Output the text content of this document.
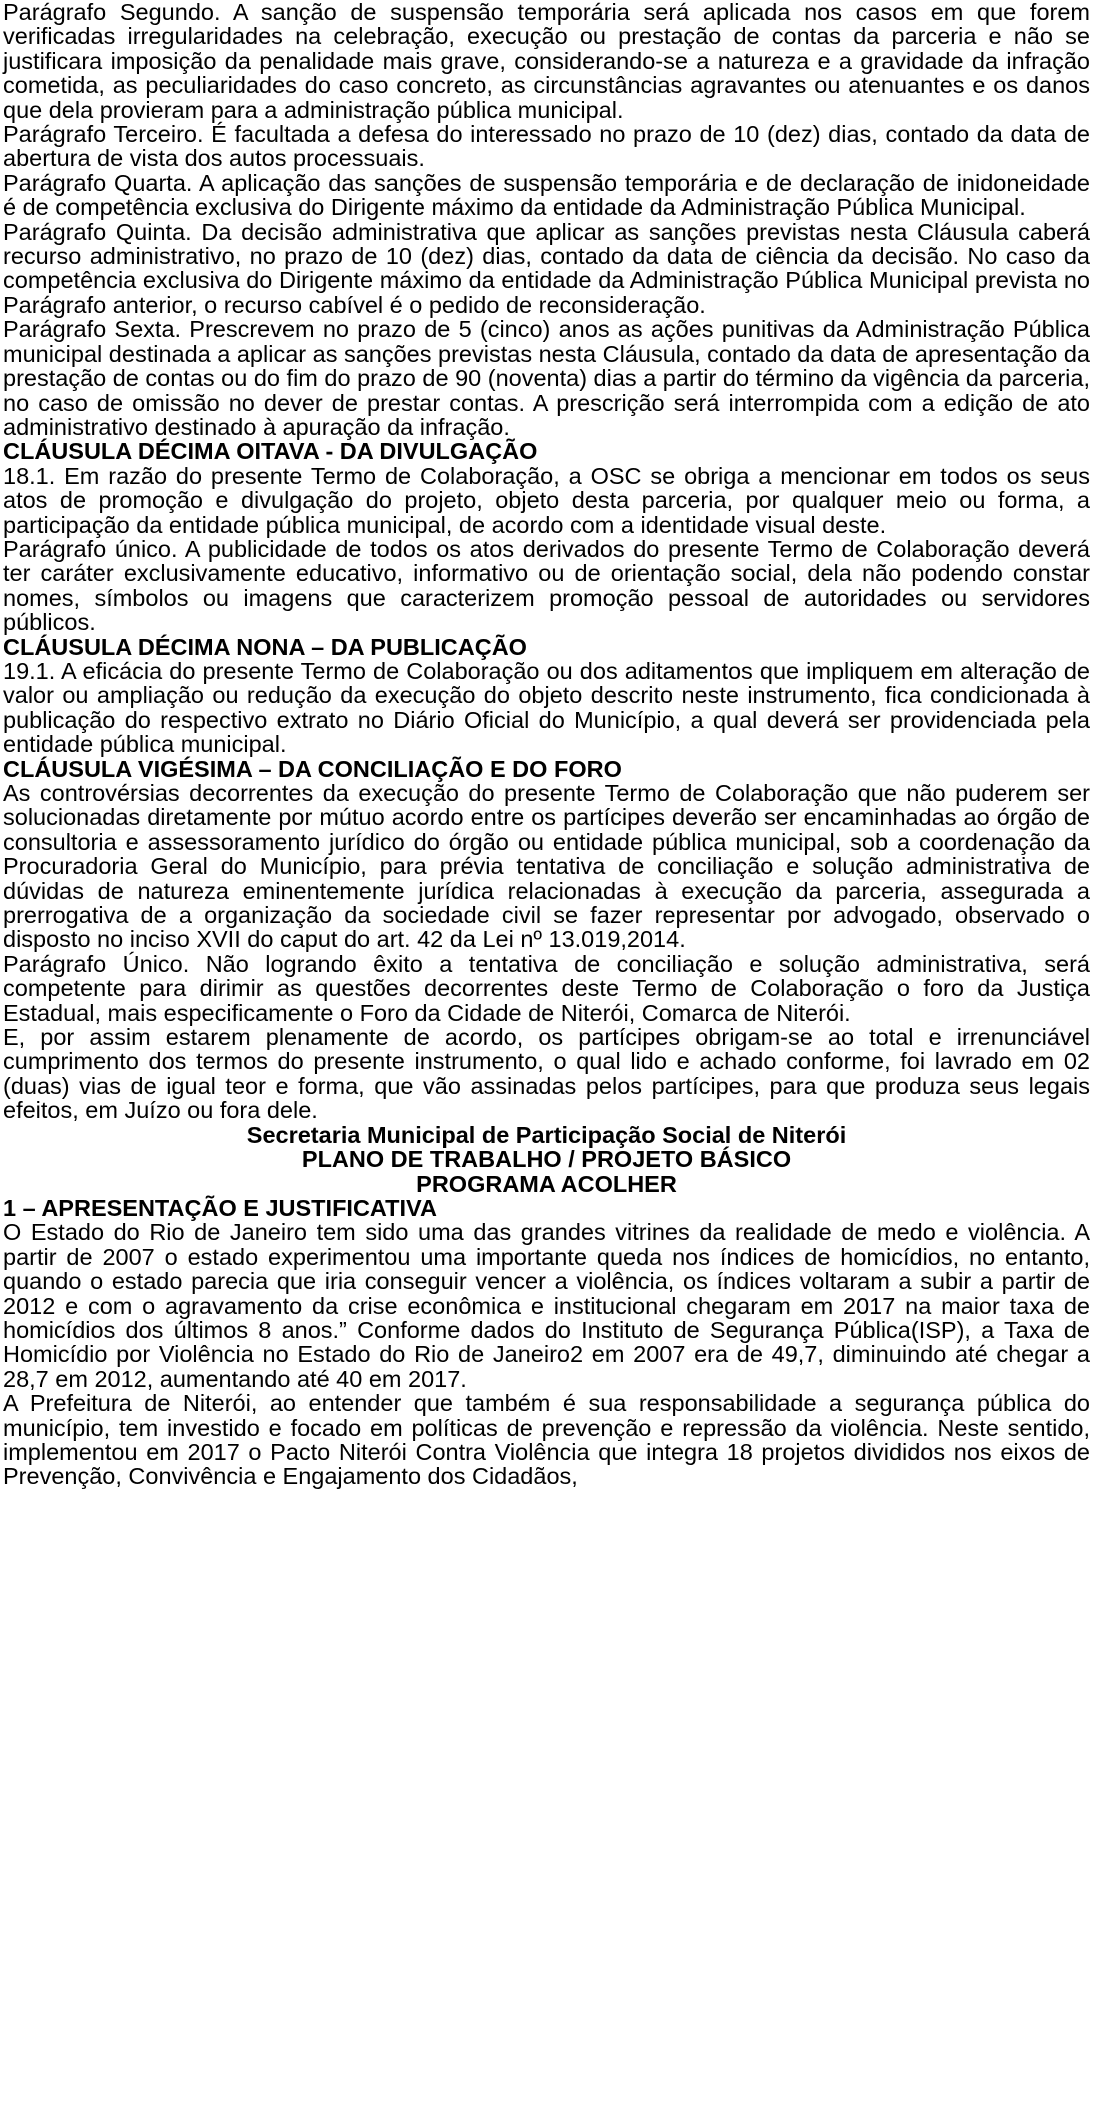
Parágrafo Segundo. A sanção de suspensão temporária será aplicada nos casos em que forem verificadas irregularidades na celebração, execução ou prestação de contas da parceria e não se justificara imposição da penalidade mais grave, considerando-se a natureza e a gravidade da infração cometida, as peculiaridades do caso concreto, as circunstâncias agravantes ou atenuantes e os danos que dela provieram para a administração pública municipal.

Parágrafo Terceiro. É facultada a defesa do interessado no prazo de 10 (dez) dias, contado da data de abertura de vista dos autos processuais.

Parágrafo Quarta. A aplicação das sanções de suspensão temporária e de declaração de inidoneidade é de competência exclusiva do Dirigente máximo da entidade da Administração Pública Municipal.

Parágrafo Quinta. Da decisão administrativa que aplicar as sanções previstas nesta Cláusula caberá recurso administrativo, no prazo de 10 (dez) dias, contado da data de ciência da decisão. No caso da competência exclusiva do Dirigente máximo da entidade da Administração Pública Municipal prevista no Parágrafo anterior, o recurso cabível é o pedido de reconsideração.

Parágrafo Sexta. Prescrevem no prazo de 5 (cinco) anos as ações punitivas da Administração Pública municipal destinada a aplicar as sanções previstas nesta Cláusula, contado da data de apresentação da prestação de contas ou do fim do prazo de 90 (noventa) dias a partir do término da vigência da parceria, no caso de omissão no dever de prestar contas. A prescrição será interrompida com a edição de ato administrativo destinado à apuração da infração.

CLÁUSULA DÉCIMA OITAVA - DA DIVULGAÇÃO

18.1. Em razão do presente Termo de Colaboração, a OSC se obriga a mencionar em todos os seus atos de promoção e divulgação do projeto, objeto desta parceria, por qualquer meio ou forma, a participação da entidade pública municipal, de acordo com a identidade visual deste.

Parágrafo único. A publicidade de todos os atos derivados do presente Termo de Colaboração deverá ter caráter exclusivamente educativo, informativo ou de orientação social, dela não podendo constar nomes, símbolos ou imagens que caracterizem promoção pessoal de autoridades ou servidores públicos.

CLÁUSULA DÉCIMA NONA – DA PUBLICAÇÃO

19.1. A eficácia do presente Termo de Colaboração ou dos aditamentos que impliquem em alteração de valor ou ampliação ou redução da execução do objeto descrito neste instrumento, fica condicionada à publicação do respectivo extrato no Diário Oficial do Município, a qual deverá ser providenciada pela entidade pública municipal.

CLÁUSULA VIGÉSIMA – DA CONCILIAÇÃO E DO FORO

As controvérsias decorrentes da execução do presente Termo de Colaboração que não puderem ser solucionadas diretamente por mútuo acordo entre os partícipes deverão ser encaminhadas ao órgão de consultoria e assessoramento jurídico do órgão ou entidade pública municipal, sob a coordenação da Procuradoria Geral do Município, para prévia tentativa de conciliação e solução administrativa de dúvidas de natureza eminentemente jurídica relacionadas à execução da parceria, assegurada a prerrogativa de a organização da sociedade civil se fazer representar por advogado, observado o disposto no inciso XVII do caput do art. 42 da Lei nº 13.019,2014.

Parágrafo Único. Não logrando êxito a tentativa de conciliação e solução administrativa, será competente para dirimir as questões decorrentes deste Termo de Colaboração o foro da Justiça Estadual, mais especificamente o Foro da Cidade de Niterói, Comarca de Niterói.

E, por assim estarem plenamente de acordo, os partícipes obrigam-se ao total e irrenunciável cumprimento dos termos do presente instrumento, o qual lido e achado conforme, foi lavrado em 02 (duas) vias de igual teor e forma, que vão assinadas pelos partícipes, para que produza seus legais efeitos, em Juízo ou fora dele.

Secretaria Municipal de Participação Social de Niterói
PLANO DE TRABALHO / PROJETO BÁSICO
PROGRAMA ACOLHER
1 – APRESENTAÇÃO E JUSTIFICATIVA

O Estado do Rio de Janeiro tem sido uma das grandes vitrines da realidade de medo e violência. A partir de 2007 o estado experimentou uma importante queda nos índices de homicídios, no entanto, quando o estado parecia que iria conseguir vencer a violência, os índices voltaram a subir a partir de 2012 e com o agravamento da crise econômica e institucional chegaram em 2017 na maior taxa de homicídios dos últimos 8 anos.” Conforme dados do Instituto de Segurança Pública(ISP), a Taxa de Homicídio por Violência no Estado do Rio de Janeiro2 em 2007 era de 49,7, diminuindo até chegar a 28,7 em 2012, aumentando até 40 em 2017.

A Prefeitura de Niterói, ao entender que também é sua responsabilidade a segurança pública do município, tem investido e focado em políticas de prevenção e repressão da violência. Neste sentido, implementou em 2017 o Pacto Niterói Contra Violência que integra 18 projetos divididos nos eixos de Prevenção, Convivência e Engajamento dos Cidadãos,
